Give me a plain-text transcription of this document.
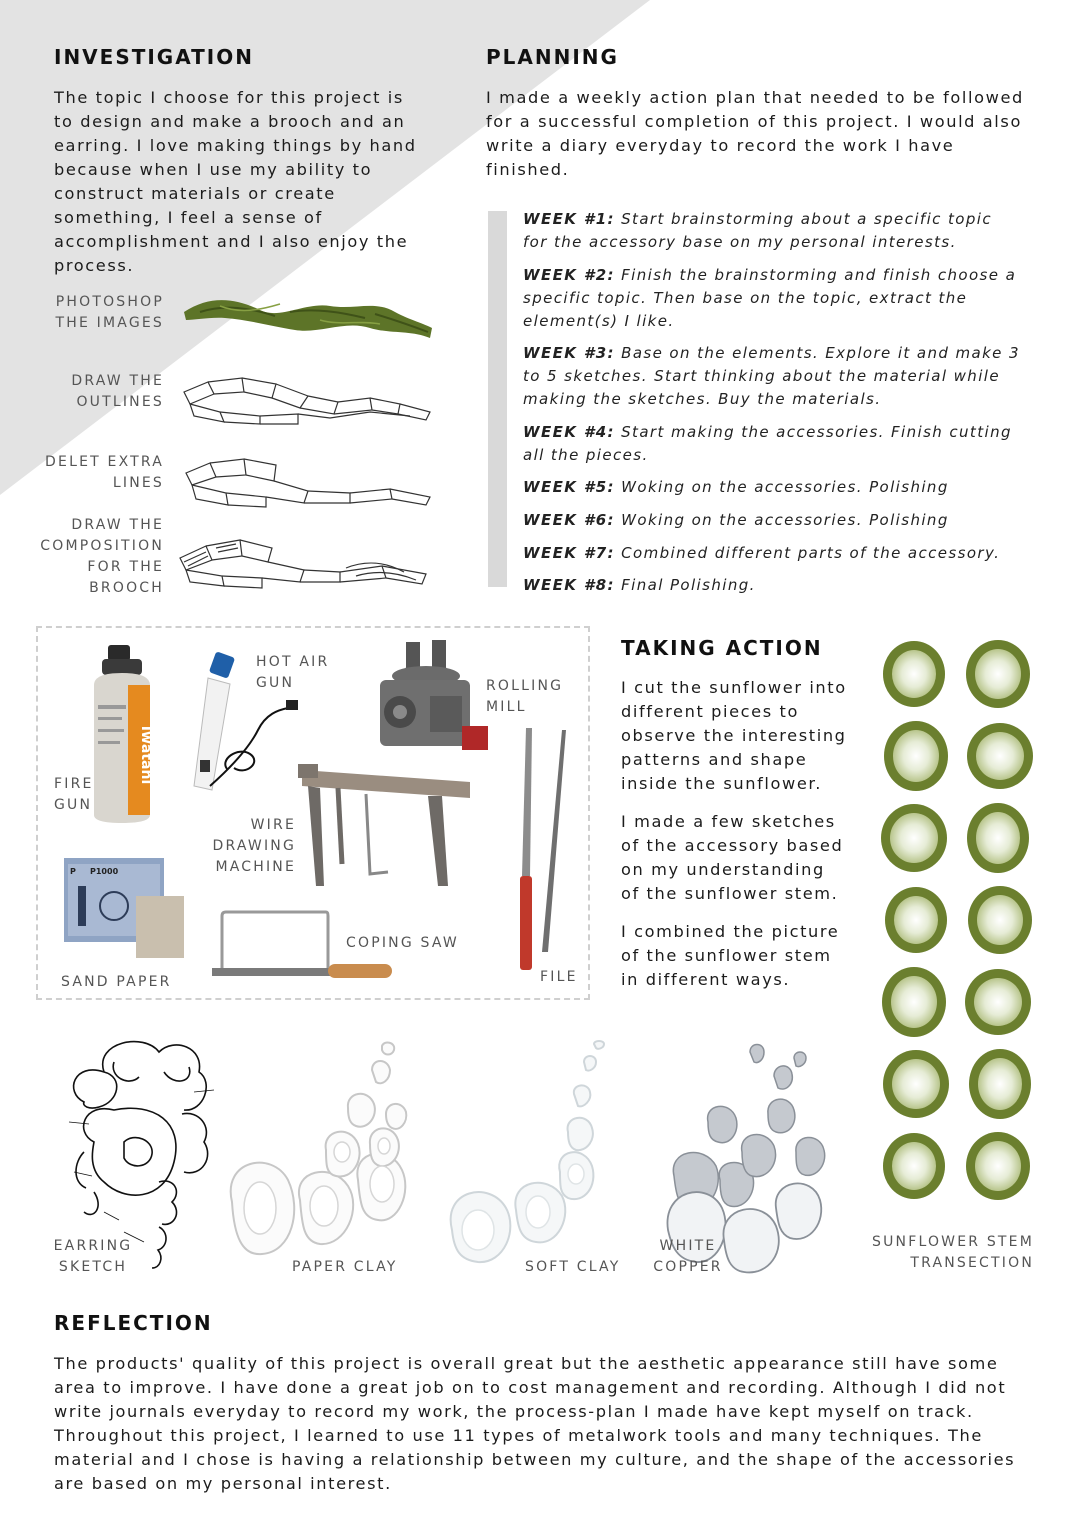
INVESTIGATION

The topic I choose for this project is

to design and make a brooch and an

earring. I love making things by hand

because when I use my ability to

construct materials or create

something, I feel a sense of

accomplishment and I also enjoy the

process.

PHOTOSHOP
THE IMAGES
DRAW THE
OUTLINES
DELET EXTRA
LINES
DRAW THE
COMPOSITION
FOR THE
BROOCH
PLANNING

I made a weekly action plan that needed to be followed

for a successful completion of this project. I would also

write a diary everyday to record the work I have

finished.

WEEK #1: Start brainstorming about a specific topic
for the accessory base on my personal interests.

WEEK #2: Finish the brainstorming and finish choose a
specific topic. Then base on the topic, extract the
element(s) I like.

WEEK #3: Base on the elements. Explore it and make 3
to 5 sketches. Start thinking about the material while
making the sketches. Buy the materials.

WEEK #4: Start making the accessories. Finish cutting
all the pieces.

WEEK #5: Woking on the accessories. Polishing

WEEK #6: Woking on the accessories. Polishing

WEEK #7: Combined different parts of the accessory.

WEEK #8: Final Polishing.

Iwatani
FIRE
GUN
HOT AIR
GUN	ROLLING
MILL
WIRE
DRAWING
MACHINE
FILE
P1000
P
SAND PAPER
COPING SAW
TAKING ACTION

I cut the sunflower into

different pieces to

observe the interesting

patterns and shape

inside the sunflower.

I made a few sketches

of the accessory based

on my understanding

of the sunflower stem.

I combined the picture

of the sunflower stem

in different ways.

EARRING
SKETCH	PAPER CLAY	SOFT CLAY
WHITE
COPPER
SUNFLOWER STEM
TRANSECTION
REFLECTION

The products' quality of this project is overall great but the aesthetic appearance still have some

area to improve. I have done a great job on to cost management and recording. Although I did not

write journals everyday to record my work, the process-plan I made have kept myself on track.

Throughout this project, I learned to use 11 types of metalwork tools and many techniques. The

material and I chose is having a relationship between my culture, and the shape of the accessories

are based on my personal interest.
